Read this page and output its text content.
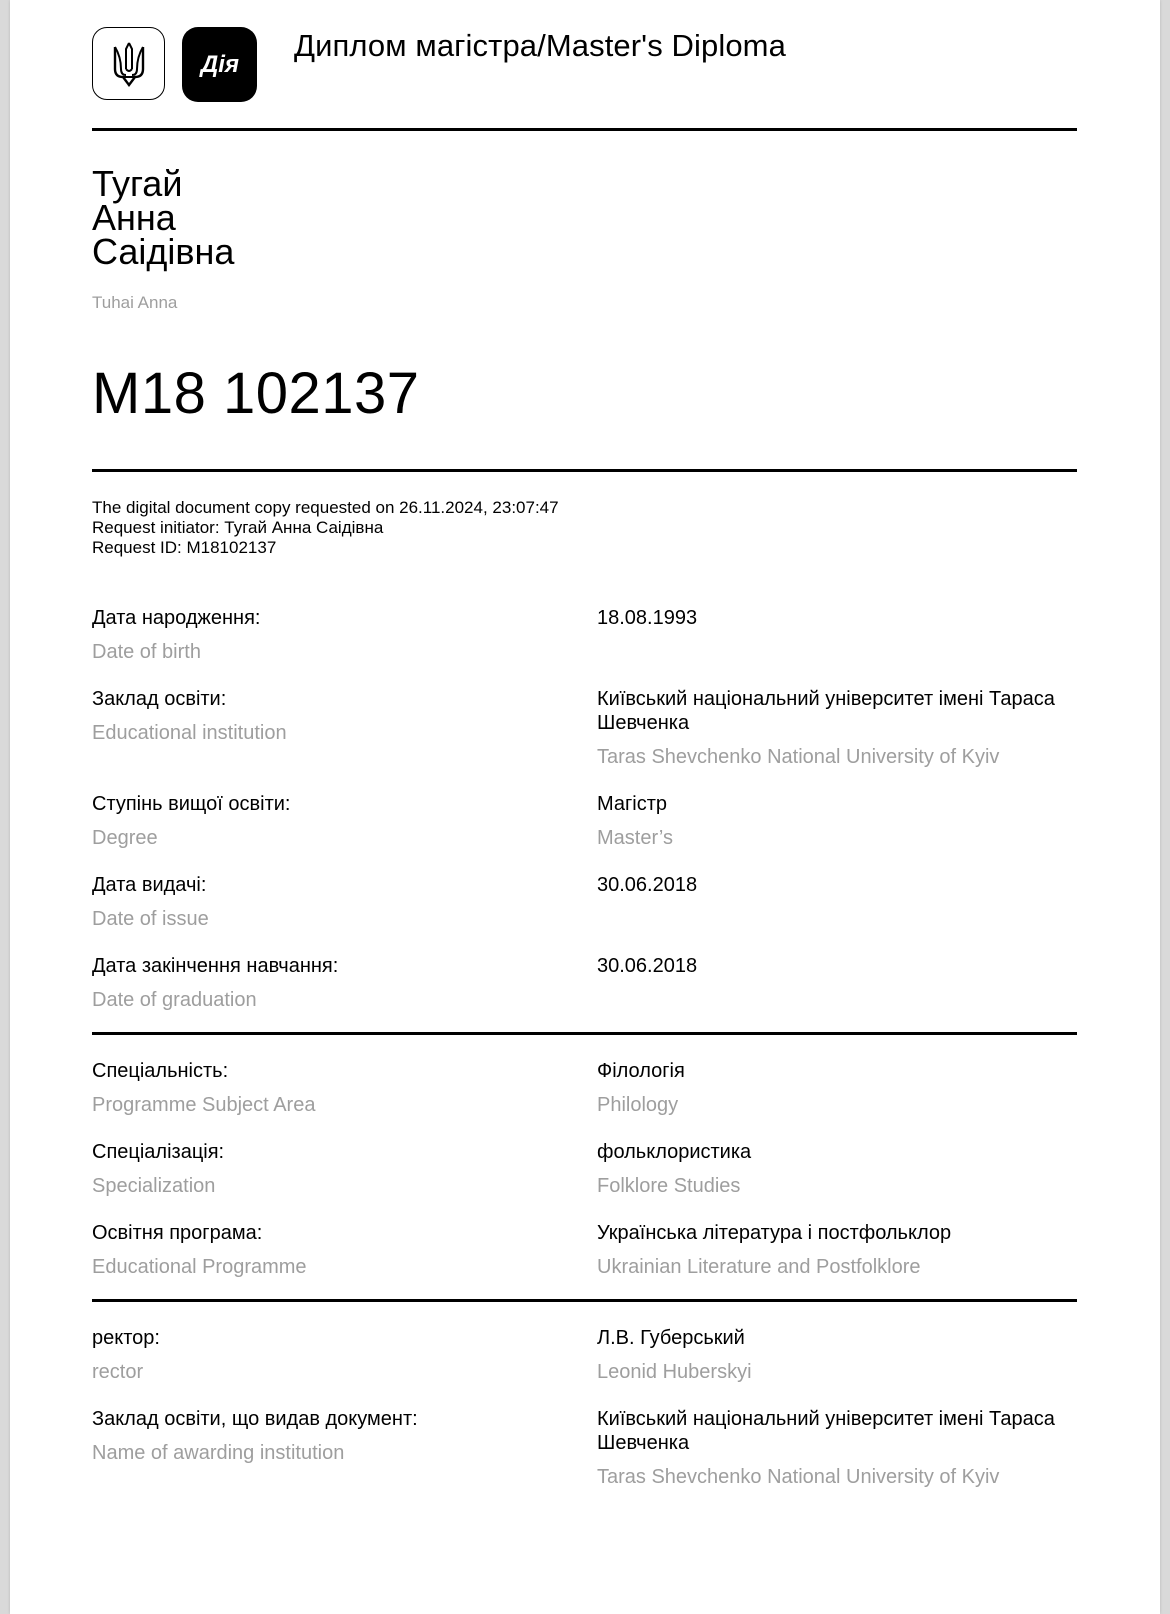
Дія
Диплом магістра/Master's Diploma
Тугай
Анна
Саідівна
Tuhai Anna
M18 102137
The digital document copy requested on 26.11.2024, 23:07:47
Request initiator: Тугай Анна Саідівна
Request ID: M18102137
Дата народження:
Date of birth
18.08.1993
Заклад освіти:
Educational institution
Київський національний університет імені Тараса Шевченка
Taras Shevchenko National University of Kyiv
Ступінь вищої освіти:
Degree
Магістр
Master’s
Дата видачі:
Date of issue
30.06.2018
Дата закінчення навчання:
Date of graduation
30.06.2018
Спеціальність:
Programme Subject Area
Філологія
Philology
Спеціалізація:
Specialization
фольклористика
Folklore Studies
Освітня програма:
Educational Programme
Українська література і постфольклор
Ukrainian Literature and Postfolklore
ректор:
rector
Л.В. Губерський
Leonid Huberskyi
Заклад освіти, що видав документ:
Name of awarding institution
Київський національний університет імені Тараса Шевченка
Taras Shevchenko National University of Kyiv
